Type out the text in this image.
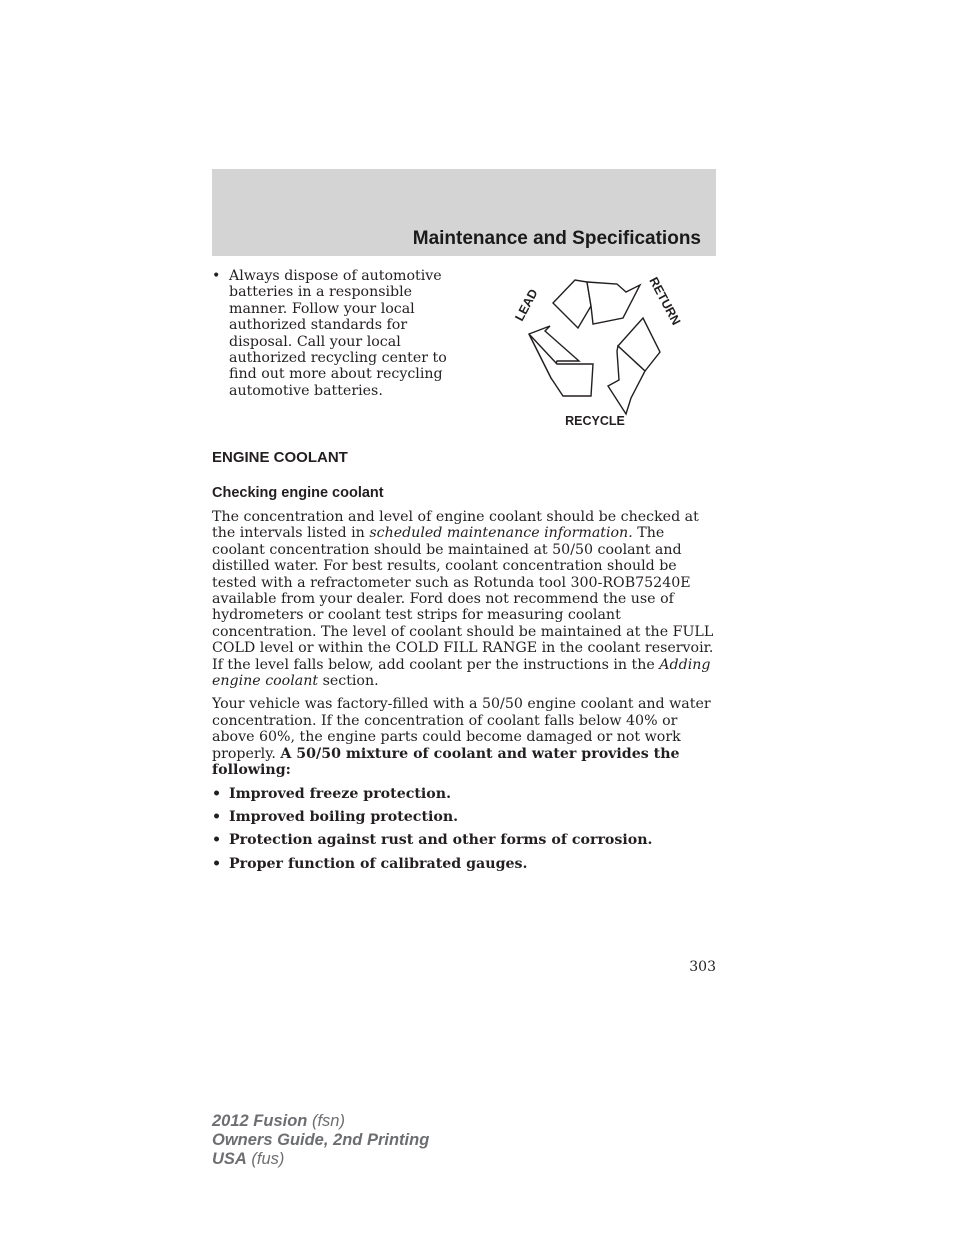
Maintenance and Specifications
• Always dispose of automotive batteries in a responsible manner. Follow your local authorized standards for disposal. Call your local authorized recycling center to find out more about recycling automotive batteries.
LEAD	RETURN
RECYCLE
ENGINE COOLANT
Checking engine coolant

The concentration and level of engine coolant should be checked at the intervals listed in scheduled maintenance information. The coolant concentration should be maintained at 50/50 coolant and distilled water. For best results, coolant concentration should be tested with a refractometer such as Rotunda tool 300-ROB75240E available from your dealer. Ford does not recommend the use of hydrometers or coolant test strips for measuring coolant concentration. The level of coolant should be maintained at the FULL COLD level or within the COLD FILL RANGE in the coolant reservoir. If the level falls below, add coolant per the instructions in the Adding engine coolant section.

Your vehicle was factory-filled with a 50/50 engine coolant and water concentration. If the concentration of coolant falls below 40% or above 60%, the engine parts could become damaged or not work properly. A 50/50 mixture of coolant and water provides the following:

• Improved freeze protection.
• Improved boiling protection.
• Protection against rust and other forms of corrosion.
• Proper function of calibrated gauges.
303
2012 Fusion (fsn)
Owners Guide, 2nd Printing
USA (fus)
